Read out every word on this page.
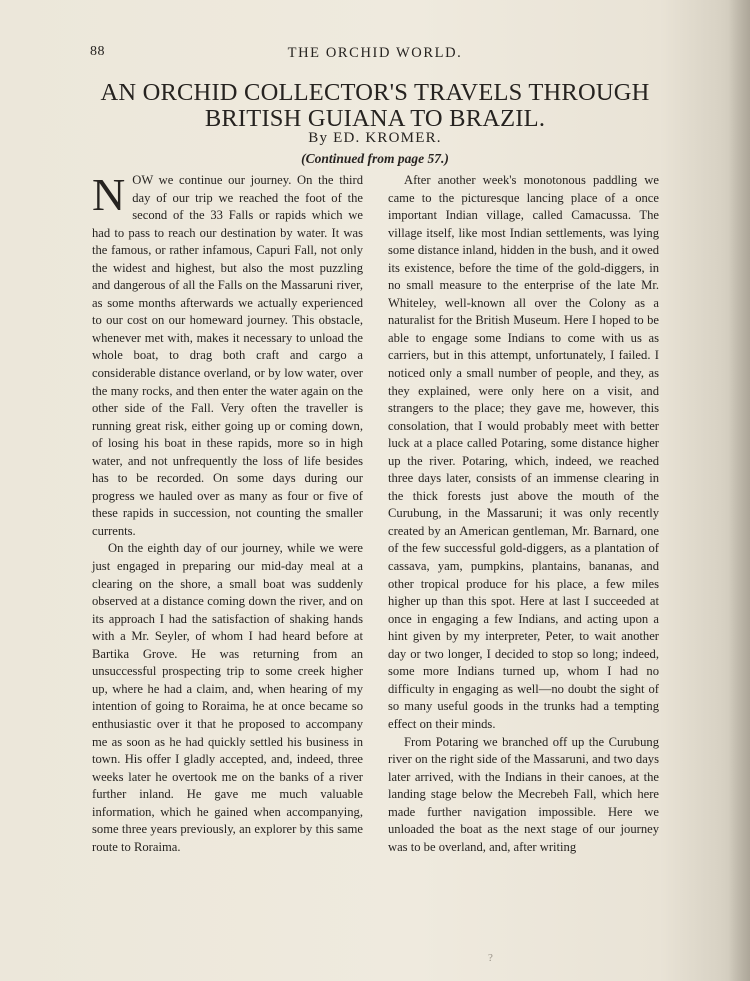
88	THE ORCHID WORLD.
AN ORCHID COLLECTOR'S TRAVELS THROUGH BRITISH GUIANA TO BRAZIL.
By ED. KROMER.
(Continued from page 57.)

NOW we continue our journey. On the third day of our trip we reached the foot of the second of the 33 Falls or rapids which we had to pass to reach our destination by water. It was the famous, or rather infamous, Capuri Fall, not only the widest and highest, but also the most puzzling and dangerous of all the Falls on the Massaruni river, as some months afterwards we actually experienced to our cost on our homeward journey. This obstacle, whenever met with, makes it necessary to unload the whole boat, to drag both craft and cargo a considerable distance overland, or by low water, over the many rocks, and then enter the water again on the other side of the Fall. Very often the traveller is running great risk, either going up or coming down, of losing his boat in these rapids, more so in high water, and not unfrequently the loss of life besides has to be recorded. On some days during our progress we hauled over as many as four or five of these rapids in succession, not counting the smaller currents.

On the eighth day of our journey, while we were just engaged in preparing our mid-day meal at a clearing on the shore, a small boat was suddenly observed at a distance coming down the river, and on its approach I had the satisfaction of shaking hands with a Mr. Seyler, of whom I had heard before at Bartika Grove. He was returning from an unsuccessful prospecting trip to some creek higher up, where he had a claim, and, when hearing of my intention of going to Roraima, he at once became so enthusiastic over it that he proposed to accompany me as soon as he had quickly settled his business in town. His offer I gladly accepted, and, indeed, three weeks later he overtook me on the banks of a river further inland. He gave me much valuable information, which he gained when accompanying, some three years previously, an explorer by this same route to Roraima.

After another week's monotonous paddling we came to the picturesque lancing place of a once important Indian village, called Camacussa. The village itself, like most Indian settlements, was lying some distance inland, hidden in the bush, and it owed its existence, before the time of the gold-diggers, in no small measure to the enterprise of the late Mr. Whiteley, well-known all over the Colony as a naturalist for the British Museum. Here I hoped to be able to engage some Indians to come with us as carriers, but in this attempt, unfortunately, I failed. I noticed only a small number of people, and they, as they explained, were only here on a visit, and strangers to the place; they gave me, however, this consolation, that I would probably meet with better luck at a place called Potaring, some distance higher up the river. Potaring, which, indeed, we reached three days later, consists of an immense clearing in the thick forests just above the mouth of the Curubung, in the Massaruni; it was only recently created by an American gentleman, Mr. Barnard, one of the few successful gold-diggers, as a plantation of cassava, yam, pumpkins, plantains, bananas, and other tropical produce for his place, a few miles higher up than this spot. Here at last I succeeded at once in engaging a few Indians, and acting upon a hint given by my interpreter, Peter, to wait another day or two longer, I decided to stop so long; indeed, some more Indians turned up, whom I had no difficulty in engaging as well—no doubt the sight of so many useful goods in the trunks had a tempting effect on their minds.

From Potaring we branched off up the Curubung river on the right side of the Massaruni, and two days later arrived, with the Indians in their canoes, at the landing stage below the Mecrebeh Fall, which here made further navigation impossible. Here we unloaded the boat as the next stage of our journey was to be overland, and, after writing

?
